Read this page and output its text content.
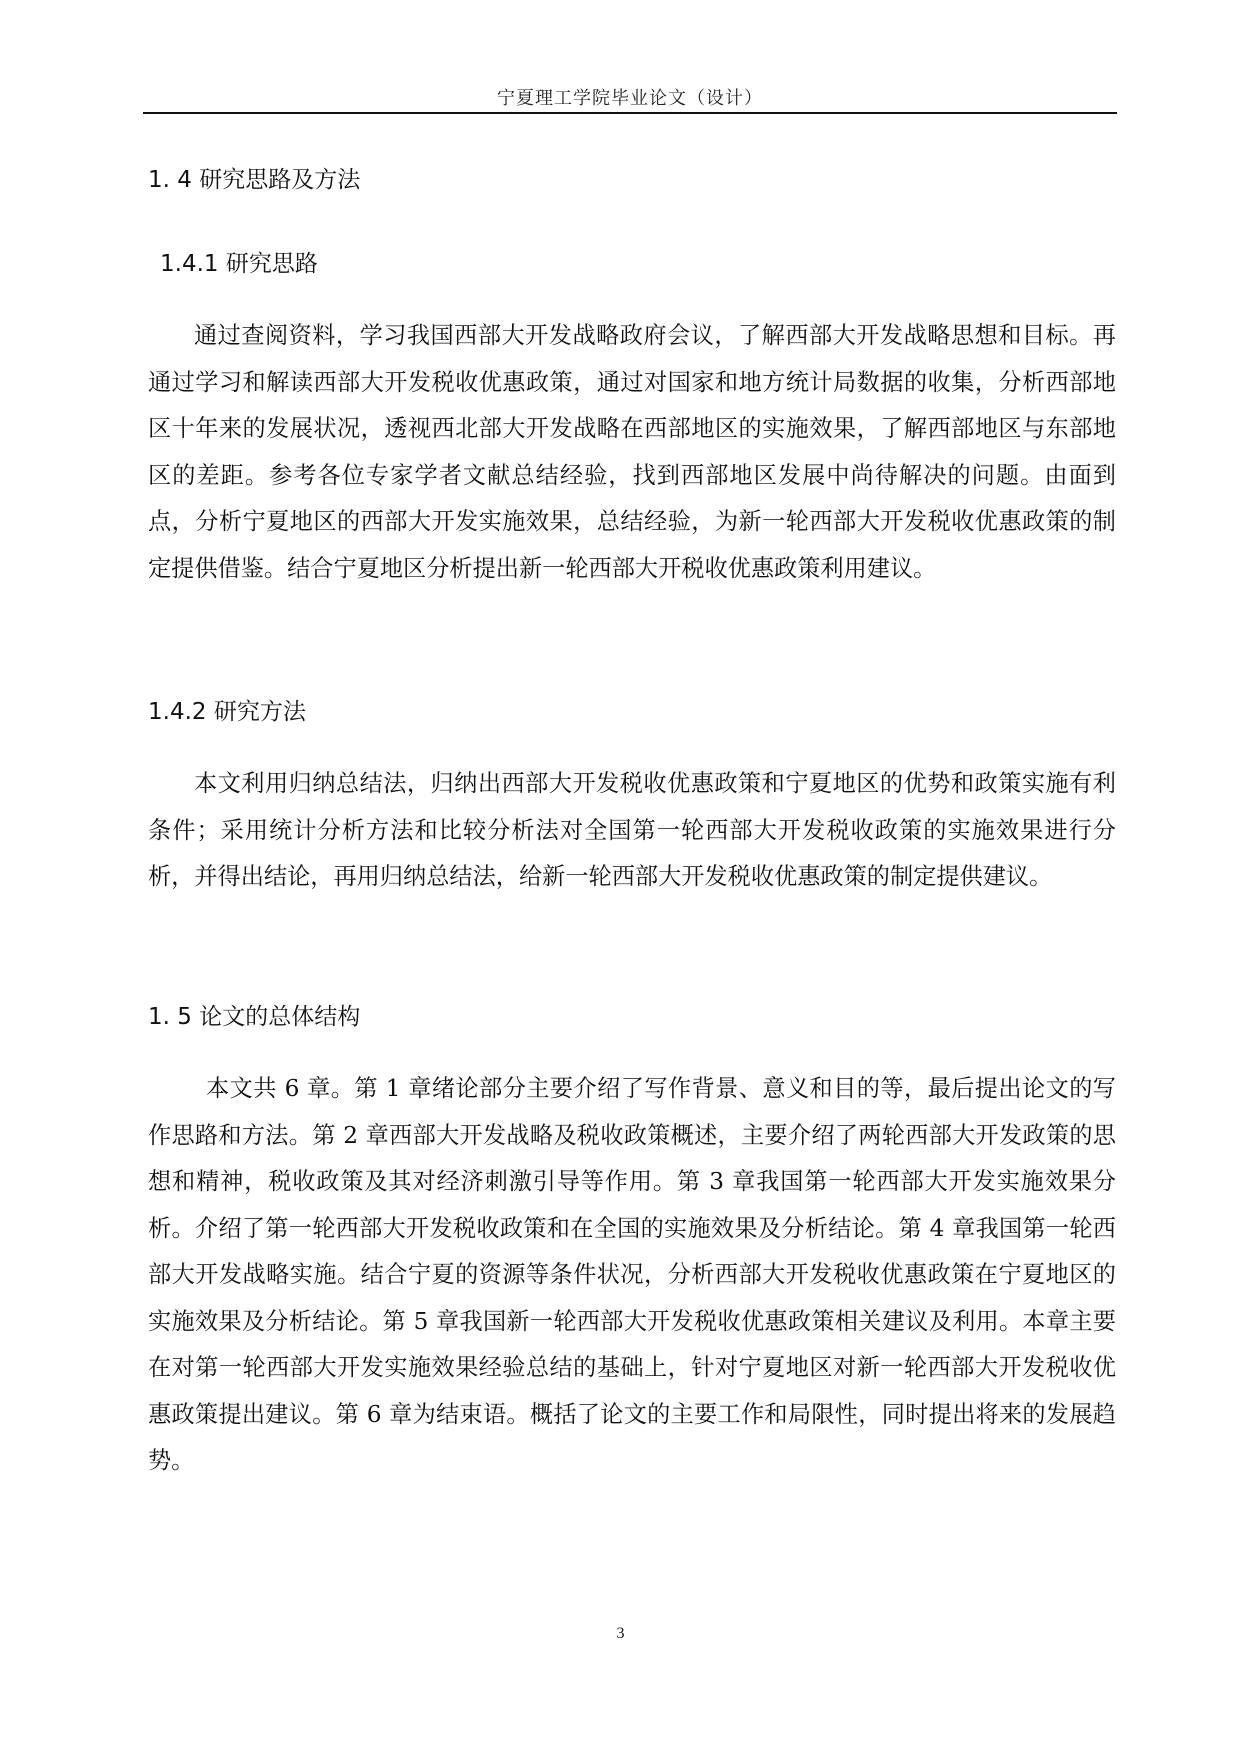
宁夏理工学院毕业论文（设计）
1. 4 研究思路及方法
1.4.1 研究思路

通过查阅资料，学习我国西部大开发战略政府会议，了解西部大开发战略思想和目标。再通过学习和解读西部大开发税收优惠政策，通过对国家和地方统计局数据的收集，分析西部地区十年来的发展状况，透视西北部大开发战略在西部地区的实施效果，了解西部地区与东部地区的差距。参考各位专家学者文献总结经验，找到西部地区发展中尚待解决的问题。由面到点，分析宁夏地区的西部大开发实施效果，总结经验，为新一轮西部大开发税收优惠政策的制定提供借鉴。结合宁夏地区分析提出新一轮西部大开税收优惠政策利用建议。

1.4.2 研究方法

本文利用归纳总结法，归纳出西部大开发税收优惠政策和宁夏地区的优势和政策实施有利条件；采用统计分析方法和比较分析法对全国第一轮西部大开发税收政策的实施效果进行分析，并得出结论，再用归纳总结法，给新一轮西部大开发税收优惠政策的制定提供建议。

1. 5 论文的总体结构

本文共 6 章。第 1 章绪论部分主要介绍了写作背景、意义和目的等，最后提出论文的写作思路和方法。第 2 章西部大开发战略及税收政策概述，主要介绍了两轮西部大开发政策的思想和精神，税收政策及其对经济刺激引导等作用。第 3 章我国第一轮西部大开发实施效果分析。介绍了第一轮西部大开发税收政策和在全国的实施效果及分析结论。第 4 章我国第一轮西部大开发战略实施。结合宁夏的资源等条件状况，分析西部大开发税收优惠政策在宁夏地区的实施效果及分析结论。第 5 章我国新一轮西部大开发税收优惠政策相关建议及利用。本章主要在对第一轮西部大开发实施效果经验总结的基础上，针对宁夏地区对新一轮西部大开发税收优惠政策提出建议。第 6 章为结束语。概括了论文的主要工作和局限性，同时提出将来的发展趋势。

3
